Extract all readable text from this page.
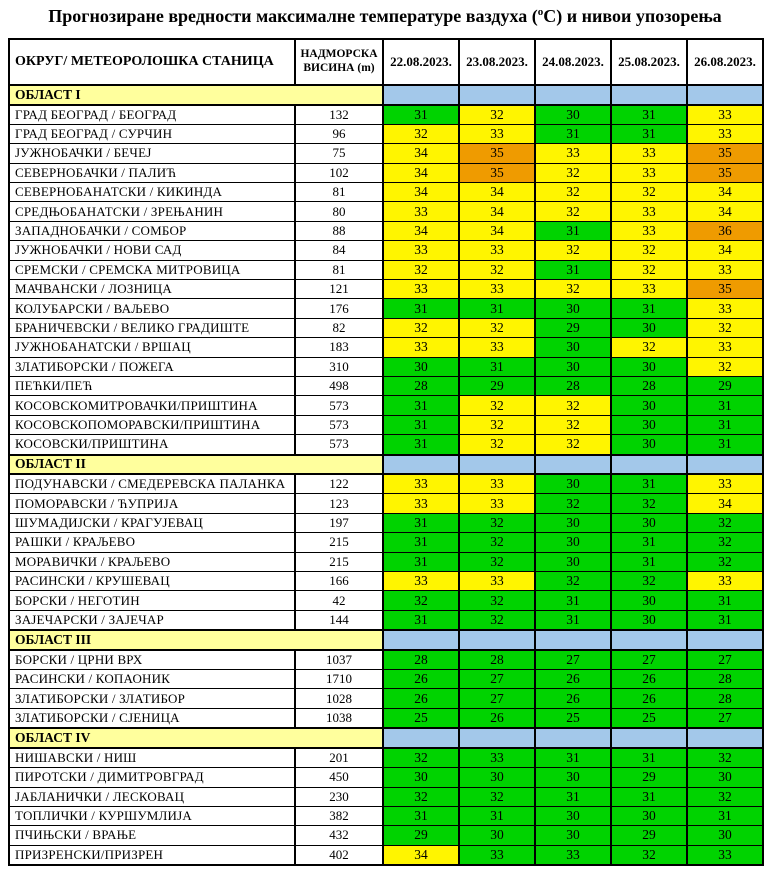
Прогнозиране вредности максималне температуре ваздуха ($^о$C) и нивои упозорења
ОКРУГ/ МЕТЕОРОЛОШКА СТАНИЦА	НАДМОРСКА ВИСИНА (m)	22.08.2023.	23.08.2023.	24.08.2023.	25.08.2023.	26.08.2023.
ОБЛАСТ I						
ГРАД БЕОГРАД / БЕОГРАД	132	31	32	30	31	33
ГРАД БЕОГРАД / СУРЧИН	96	32	33	31	31	33
ЈУЖНОБАЧКИ / БЕЧЕЈ	75	34	35	33	33	35
СЕВЕРНОБАЧКИ / ПАЛИЋ	102	34	35	32	33	35
СЕВЕРНОБАНАТСКИ / КИКИНДА	81	34	34	32	32	34
СРЕДЊОБАНАТСКИ / ЗРЕЊАНИН	80	33	34	32	33	34
ЗАПАДНОБАЧКИ / СОМБОР	88	34	34	31	33	36
ЈУЖНОБАЧКИ / НОВИ САД	84	33	33	32	32	34
СРЕМСКИ / СРЕМСКА МИТРОВИЦА	81	32	32	31	32	33
МАЧВАНСКИ / ЛОЗНИЦА	121	33	33	32	33	35
КОЛУБАРСКИ / ВАЉЕВО	176	31	31	30	31	33
БРАНИЧЕВСКИ / ВЕЛИКО ГРАДИШТЕ	82	32	32	29	30	32
ЈУЖНОБАНАТСКИ / ВРШАЦ	183	33	33	30	32	33
ЗЛАТИБОРСКИ / ПОЖЕГА	310	30	31	30	30	32
ПЕЋКИ/ПЕЋ	498	28	29	28	28	29
КОСОВСКОМИТРОВАЧКИ/ПРИШТИНА	573	31	32	32	30	31
КОСОВСКОПОМОРАВСКИ/ПРИШТИНА	573	31	32	32	30	31
КОСОВСКИ/ПРИШТИНА	573	31	32	32	30	31
ОБЛАСТ II						
ПОДУНАВСКИ / СМЕДЕРЕВСКА ПАЛАНКА	122	33	33	30	31	33
ПОМОРАВСКИ / ЋУПРИЈА	123	33	33	32	32	34
ШУМАДИЈСКИ / КРАГУЈЕВАЦ	197	31	32	30	30	32
РАШКИ / КРАЉЕВО	215	31	32	30	31	32
МОРАВИЧКИ / КРАЉЕВО	215	31	32	30	31	32
РАСИНСКИ / КРУШЕВАЦ	166	33	33	32	32	33
БОРСКИ / НЕГОТИН	42	32	32	31	30	31
ЗАЈЕЧАРСКИ / ЗАЈЕЧАР	144	31	32	31	30	31
ОБЛАСТ III						
БОРСКИ / ЦРНИ ВРХ	1037	28	28	27	27	27
РАСИНСКИ / КОПАОНИК	1710	26	27	26	26	28
ЗЛАТИБОРСКИ / ЗЛАТИБОР	1028	26	27	26	26	28
ЗЛАТИБОРСКИ / СЈЕНИЦА	1038	25	26	25	25	27
ОБЛАСТ IV						
НИШАВСКИ / НИШ	201	32	33	31	31	32
ПИРОТСКИ / ДИМИТРОВГРАД	450	30	30	30	29	30
ЈАБЛАНИЧКИ / ЛЕСКОВАЦ	230	32	32	31	31	32
ТОПЛИЧКИ / КУРШУМЛИЈА	382	31	31	30	30	31
ПЧИЊСКИ / ВРАЊЕ	432	29	30	30	29	30
ПРИЗРЕНСКИ/ПРИЗРЕН	402	34	33	33	32	33
